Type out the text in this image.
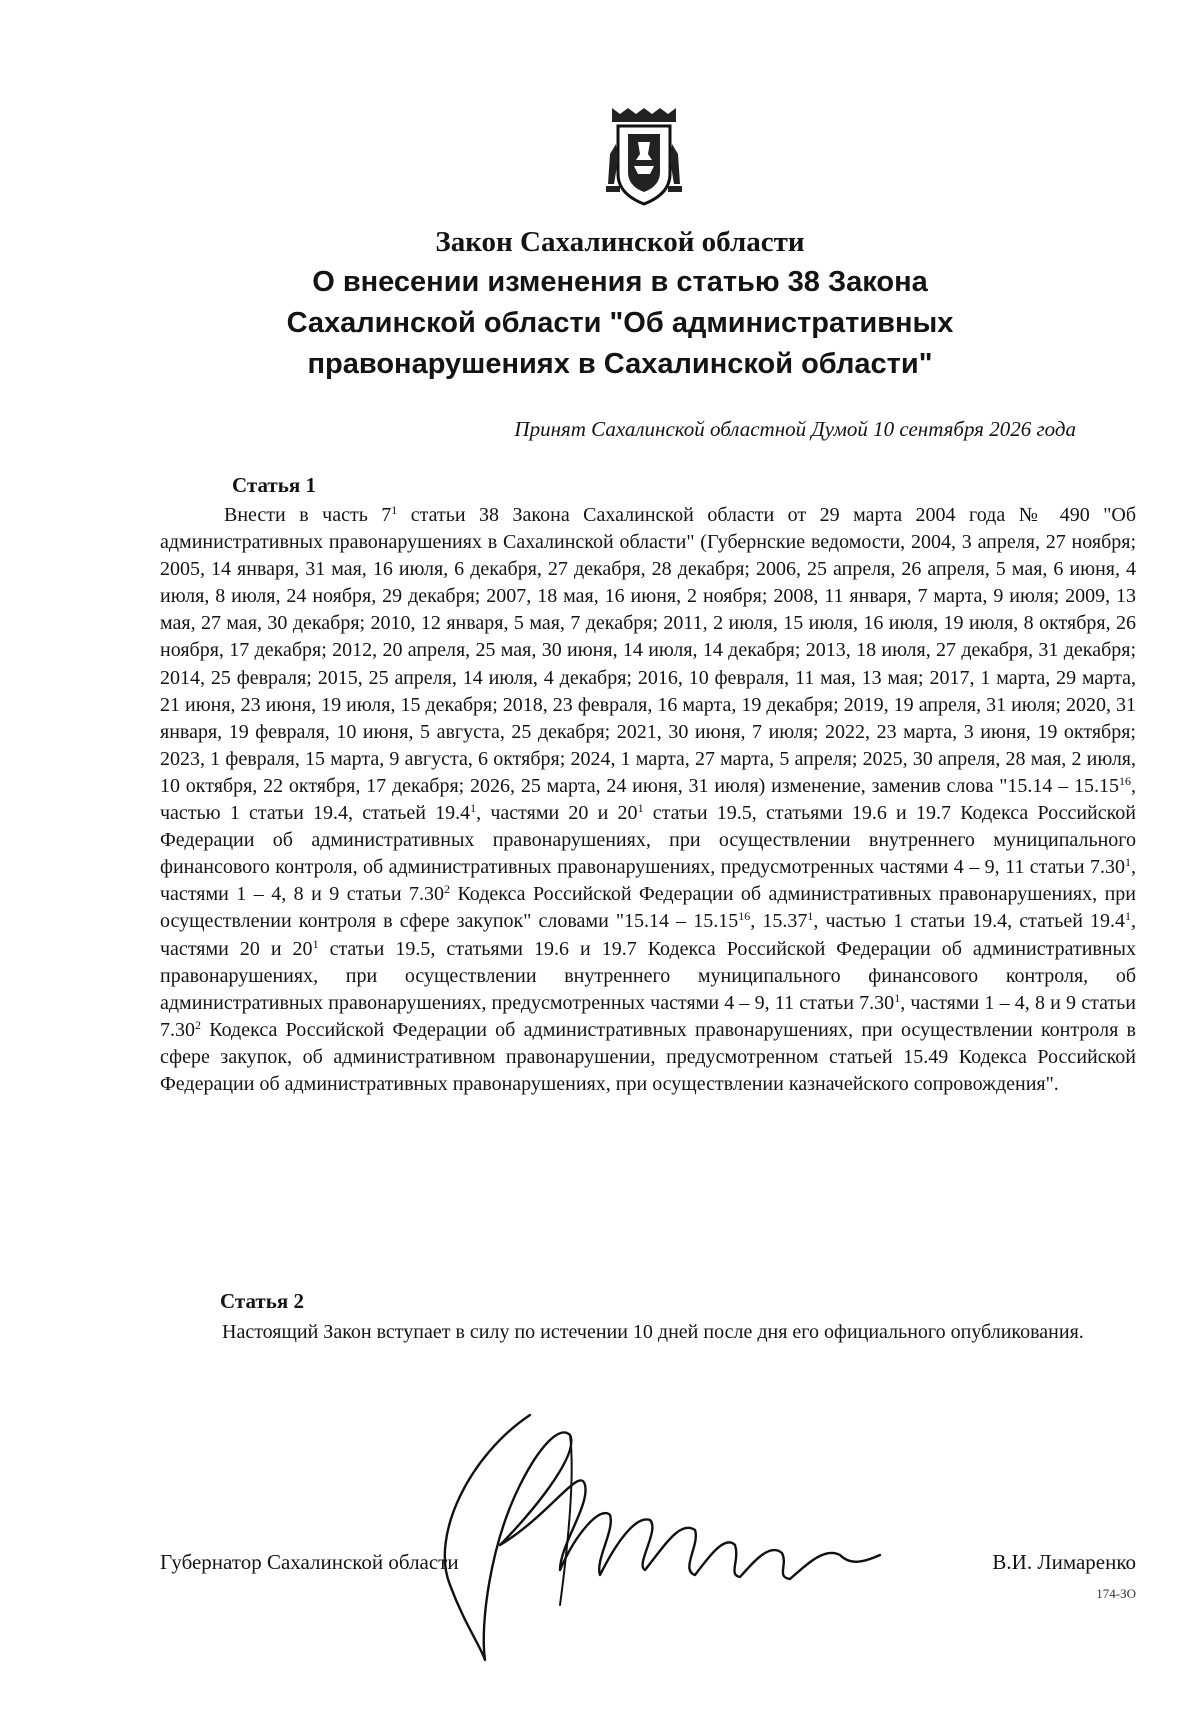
Закон Сахалинской области

О внесении изменения в статью 38 Закона
Сахалинской области "Об административных
правонарушениях в Сахалинской области"

Принят Сахалинской областной Думой 10 сентября 2026 года
Статья 1

Внести в часть $7^1$ статьи 38 Закона Сахалинской области от 29 марта 2004 года № 490 "Об административных правонарушениях в Сахалинской области" (Губернские ведомости, 2004, 3 апреля, 27 ноября; 2005, 14 января, 31 мая, 16 июля, 6 декабря, 27 декабря, 28 декабря; 2006, 25 апреля, 26 апреля, 5 мая, 6 июня, 4 июля, 8 июля, 24 ноября, 29 декабря; 2007, 18 мая, 16 июня, 2 ноября; 2008, 11 января, 7 марта, 9 июля; 2009, 13 мая, 27 мая, 30 декабря; 2010, 12 января, 5 мая, 7 декабря; 2011, 2 июля, 15 июля, 16 июля, 19 июля, 8 октября, 26 ноября, 17 декабря; 2012, 20 апреля, 25 мая, 30 июня, 14 июля, 14 декабря; 2013, 18 июля, 27 декабря, 31 декабря; 2014, 25 февраля; 2015, 25 апреля, 14 июля, 4 декабря; 2016, 10 февраля, 11 мая, 13 мая; 2017, 1 марта, 29 марта, 21 июня, 23 июня, 19 июля, 15 декабря; 2018, 23 февраля, 16 марта, 19 декабря; 2019, 19 апреля, 31 июля; 2020, 31 января, 19 февраля, 10 июня, 5 августа, 25 декабря; 2021, 30 июня, 7 июля; 2022, 23 марта, 3 июня, 19 октября; 2023, 1 февраля, 15 марта, 9 августа, 6 октября; 2024, 1 марта, 27 марта, 5 апреля; 2025, 30 апреля, 28 мая, 2 июля, 10 октября, 22 октября, 17 декабря; 2026, 25 марта, 24 июня, 31 июля) изменение, заменив слова "15.14 – 15.15$^{16}$, частью 1 статьи 19.4, статьей 19.4$^1$, частями 20 и $20^1$ статьи 19.5, статьями 19.6 и 19.7 Кодекса Российской Федерации об административных правонарушениях, при осуществлении внутреннего муниципального финансового контроля, об административных правонарушениях, предусмотренных частями 4 – 9, 11 статьи 7.30$^1$, частями 1 – 4, 8 и 9 статьи 7.30$^2$ Кодекса Российской Федерации об административных правонарушениях, при осуществлении контроля в сфере закупок" словами "15.14 – 15.15$^{16}$, 15.37$^1$, частью 1 статьи 19.4, статьей 19.4$^1$, частями 20 и $20^1$ статьи 19.5, статьями 19.6 и 19.7 Кодекса Российской Федерации об административных правонарушениях, при осуществлении внутреннего муниципального финансового контроля, об административных правонарушениях, предусмотренных частями 4 – 9, 11 статьи 7.30$^1$, частями 1 – 4, 8 и 9 статьи 7.30$^2$ Кодекса Российской Федерации об административных правонарушениях, при осуществлении контроля в сфере закупок, об административном правонарушении, предусмотренном статьей 15.49 Кодекса Российской Федерации об административных правонарушениях, при осуществлении казначейского сопровождения".

Статья 2

Настоящий Закон вступает в силу по истечении 10 дней после дня его официального опубликования.

Губернатор Сахалинской области	В.И. Лимаренко
174-ЗО
